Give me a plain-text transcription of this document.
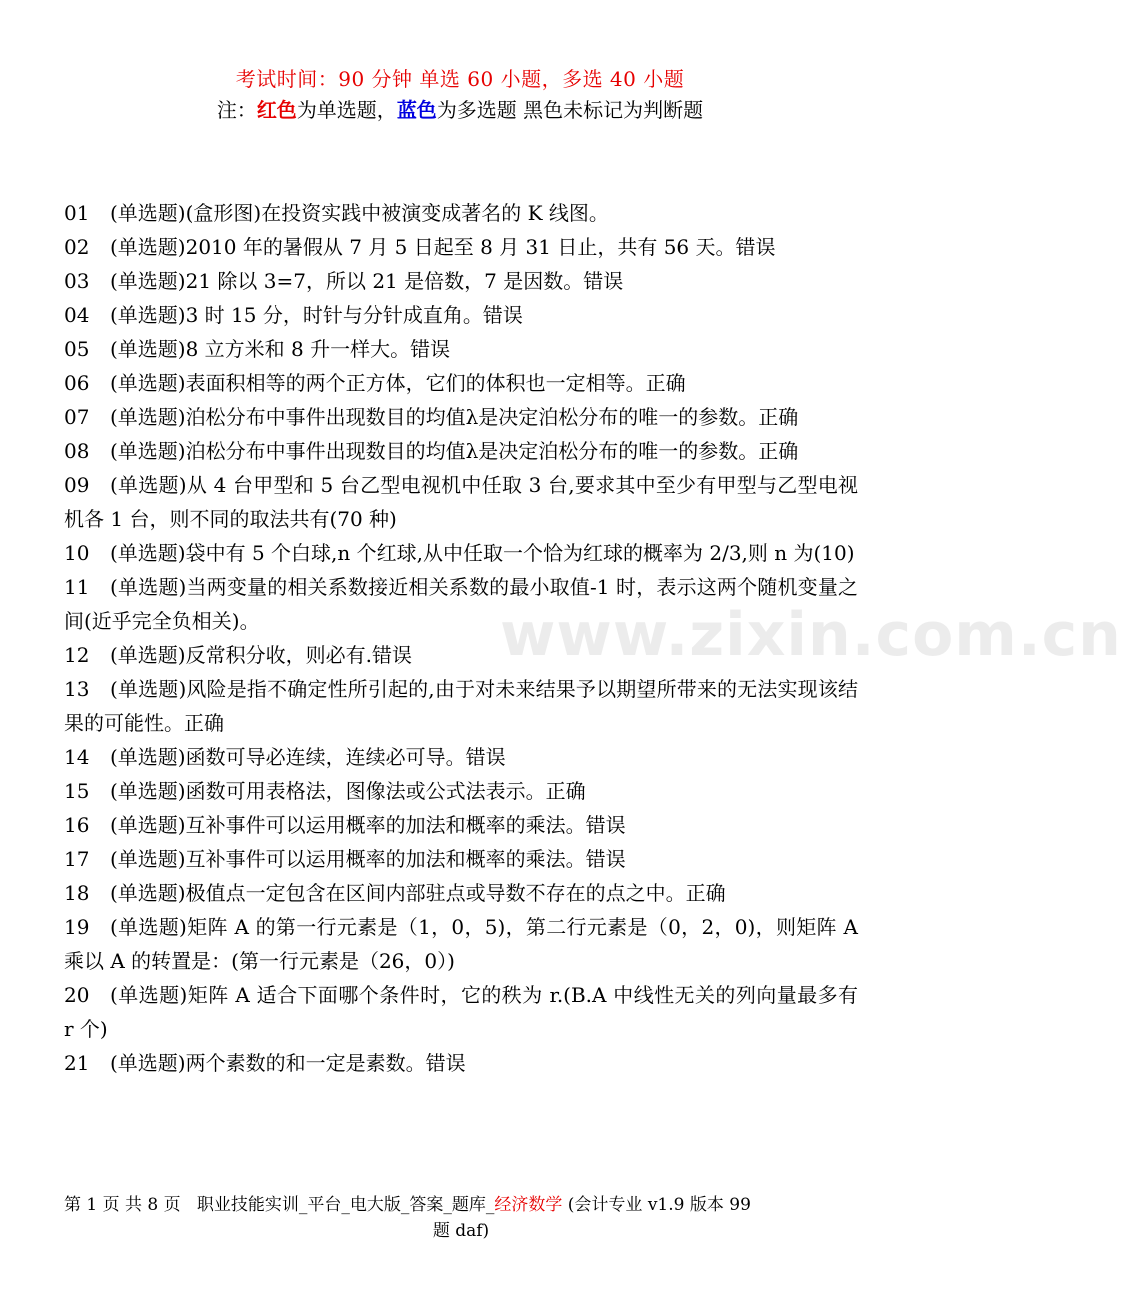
考试时间：90 分钟 单选 60 小题，多选 40 小题
注：红色为单选题，蓝色为多选题 黑色未标记为判断题
www.zixin.com.cn

01 (单选题)(盒形图)在投资实践中被演变成著名的 K 线图。

02 (单选题)2010 年的暑假从 7 月 5 日起至 8 月 31 日止，共有 56 天。错误

03 (单选题)21 除以 3=7，所以 21 是倍数，7 是因数。错误

04 (单选题)3 时 15 分，时针与分针成直角。错误

05 (单选题)8 立方米和 8 升一样大。错误

06 (单选题)表面积相等的两个正方体，它们的体积也一定相等。正确

07 (单选题)泊松分布中事件出现数目的均值λ是决定泊松分布的唯一的参数。正确

08 (单选题)泊松分布中事件出现数目的均值λ是决定泊松分布的唯一的参数。正确

09 (单选题)从 4 台甲型和 5 台乙型电视机中任取 3 台,要求其中至少有甲型与乙型电视机各 1 台，则不同的取法共有(70 种)

10 (单选题)袋中有 5 个白球,n 个红球,从中任取一个恰为红球的概率为 2/3,则 n 为(10)

11 (单选题)当两变量的相关系数接近相关系数的最小取值-1 时，表示这两个随机变量之间(近乎完全负相关)。

12 (单选题)反常积分收，则必有.错误

13 (单选题)风险是指不确定性所引起的,由于对未来结果予以期望所带来的无法实现该结果的可能性。正确

14 (单选题)函数可导必连续，连续必可导。错误

15 (单选题)函数可用表格法，图像法或公式法表示。正确

16 (单选题)互补事件可以运用概率的加法和概率的乘法。错误

17 (单选题)互补事件可以运用概率的加法和概率的乘法。错误

18 (单选题)极值点一定包含在区间内部驻点或导数不存在的点之中。正确

19 (单选题)矩阵 A 的第一行元素是（1，0，5)，第二行元素是（0，2，0)，则矩阵 A 乘以 A 的转置是：(第一行元素是（26，0）)

20 (单选题)矩阵 A 适合下面哪个条件时，它的秩为 r.(B.A 中线性无关的列向量最多有 r 个)

21 (单选题)两个素数的和一定是素数。错误

第 1 页 共 8 页 职业技能实训_平台_电大版_答案_题库_经济数学 (会计专业 v1.9 版本 99
题 daf)
